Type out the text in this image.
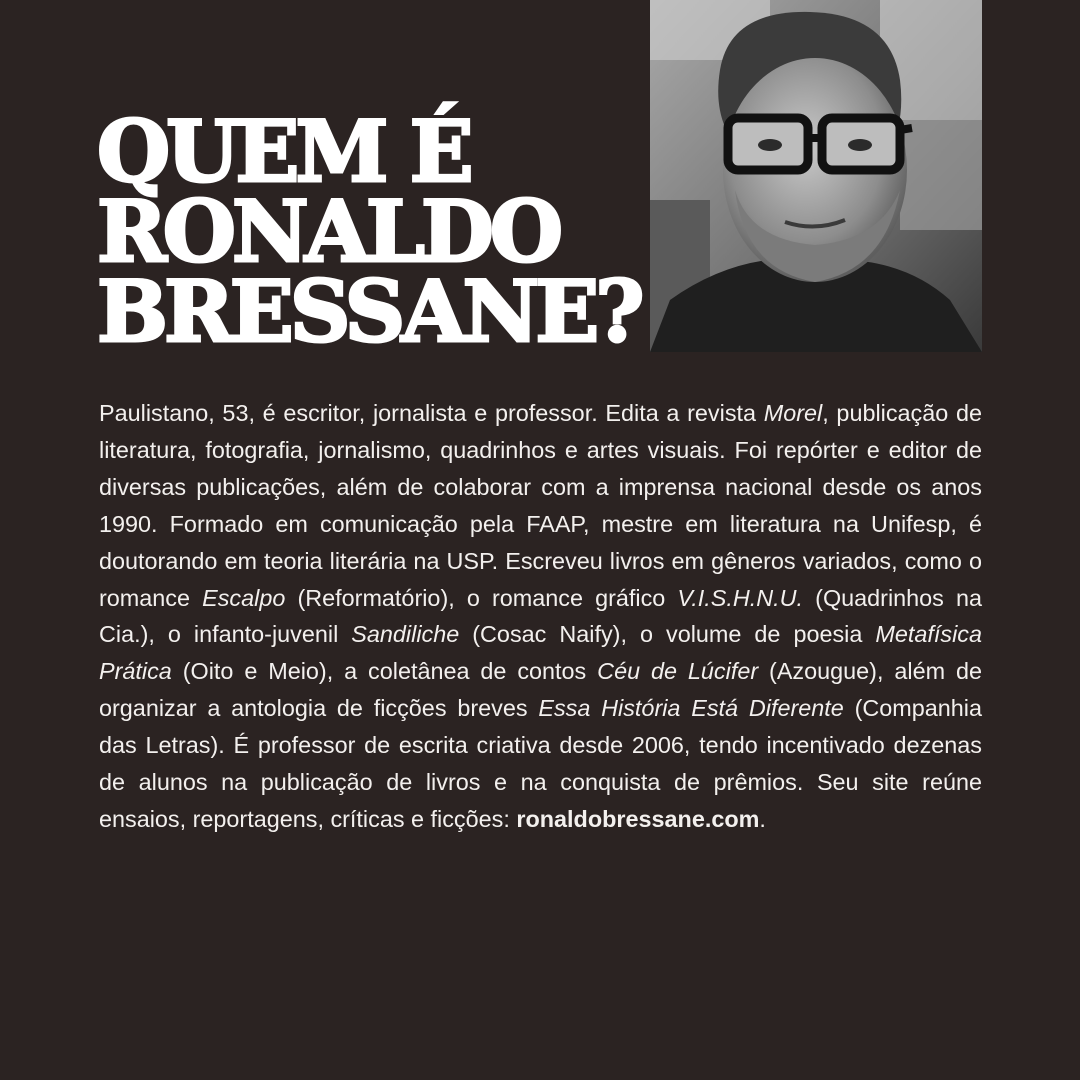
QUEM É
RONALDO
BRESSANE?

Paulistano, 53, é escritor, jornalista e professor. Edita a revista Morel, publicação de literatura, fotografia, jornalismo, quadrinhos e artes visuais. Foi repórter e editor de diversas publicações, além de colaborar com a imprensa nacional desde os anos 1990. Formado em comunicação pela FAAP, mestre em literatura na Unifesp, é doutorando em teoria literária na USP. Escreveu livros em gêneros variados, como o romance Escalpo (Reformatório), o romance gráfico V.I.S.H.N.U. (Quadrinhos na Cia.), o infanto-juvenil Sandiliche (Cosac Naify), o volume de poesia Metafísica Prática (Oito e Meio), a coletânea de contos Céu de Lúcifer (Azougue), além de organizar a antologia de ficções breves Essa História Está Diferente (Companhia das Letras). É professor de escrita criativa desde 2006, tendo incentivado dezenas de alunos na publicação de livros e na conquista de prêmios. Seu site reúne ensaios, reportagens, críticas e ficções: ronaldobressane.com.
